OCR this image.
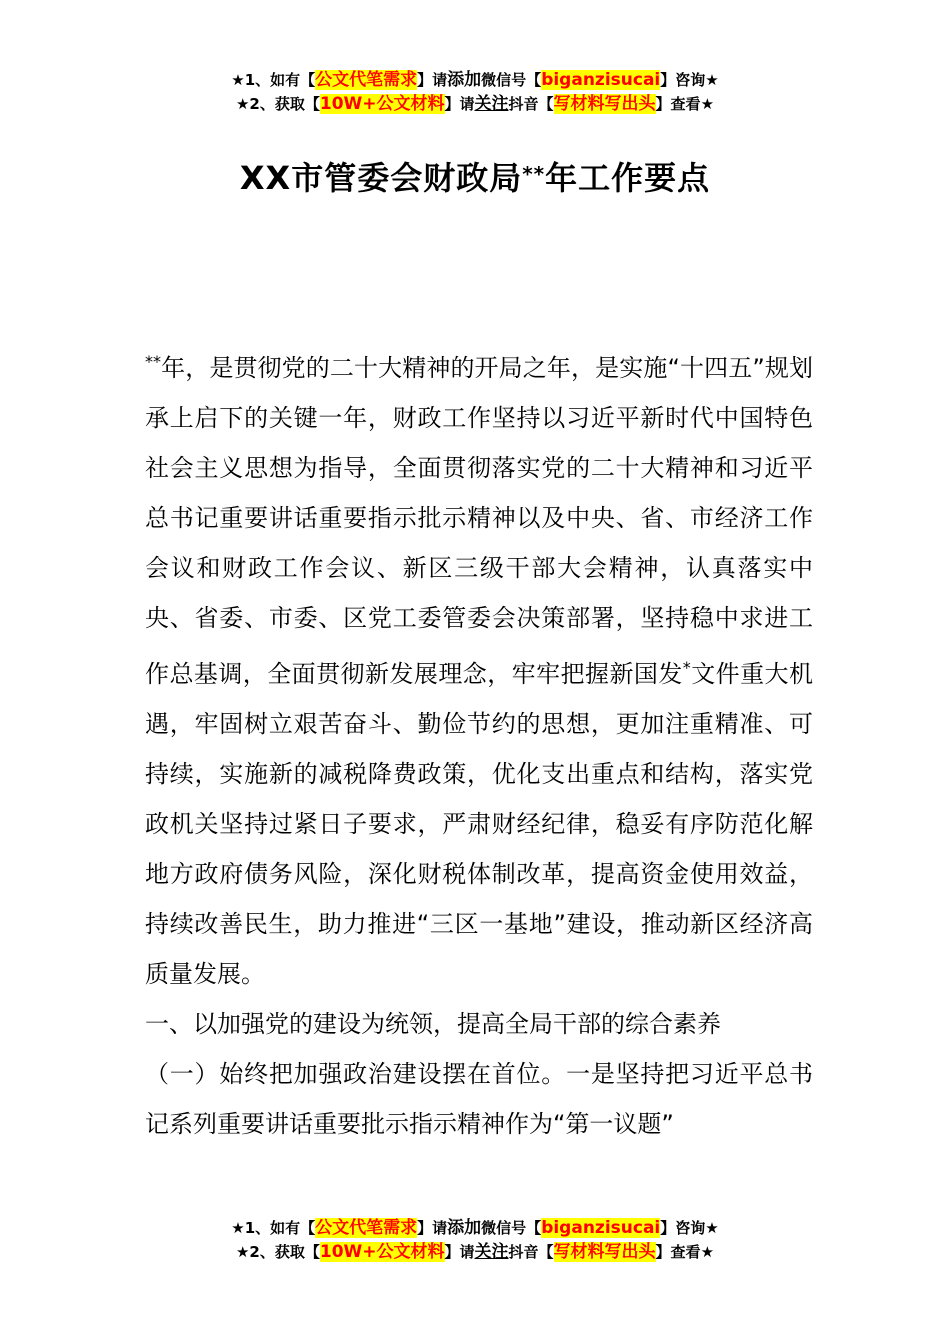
★1、如有【公文代笔需求】请添加微信号【biganzisucai】咨询★
★2、获取【10W+公文材料】请关注抖音【写材料写出头】查看★
XX市管委会财政局**年工作要点

**年，是贯彻党的二十大精神的开局之年，是实施“十四五”规划承上启下的关键一年，财政工作坚持以习近平新时代中国特色社会主义思想为指导，全面贯彻落实党的二十大精神和习近平总书记重要讲话重要指示批示精神以及中央、省、市经济工作会议和财政工作会议、新区三级干部大会精神，认真落实中央、省委、市委、区党工委管委会决策部署，坚持稳中求进工作总基调，全面贯彻新发展理念，牢牢把握新国发*文件重大机遇，牢固树立艰苦奋斗、勤俭节约的思想，更加注重精准、可持续，实施新的减税降费政策，优化支出重点和结构，落实党政机关坚持过紧日子要求，严肃财经纪律，稳妥有序防范化解地方政府债务风险，深化财税体制改革，提高资金使用效益，持续改善民生，助力推进“三区一基地”建设，推动新区经济高质量发展。

一、以加强党的建设为统领，提高全局干部的综合素养

（一）始终把加强政治建设摆在首位。一是坚持把习近平总书记系列重要讲话重要批示指示精神作为“第一议题”

★1、如有【公文代笔需求】请添加微信号【biganzisucai】咨询★
★2、获取【10W+公文材料】请关注抖音【写材料写出头】查看★
